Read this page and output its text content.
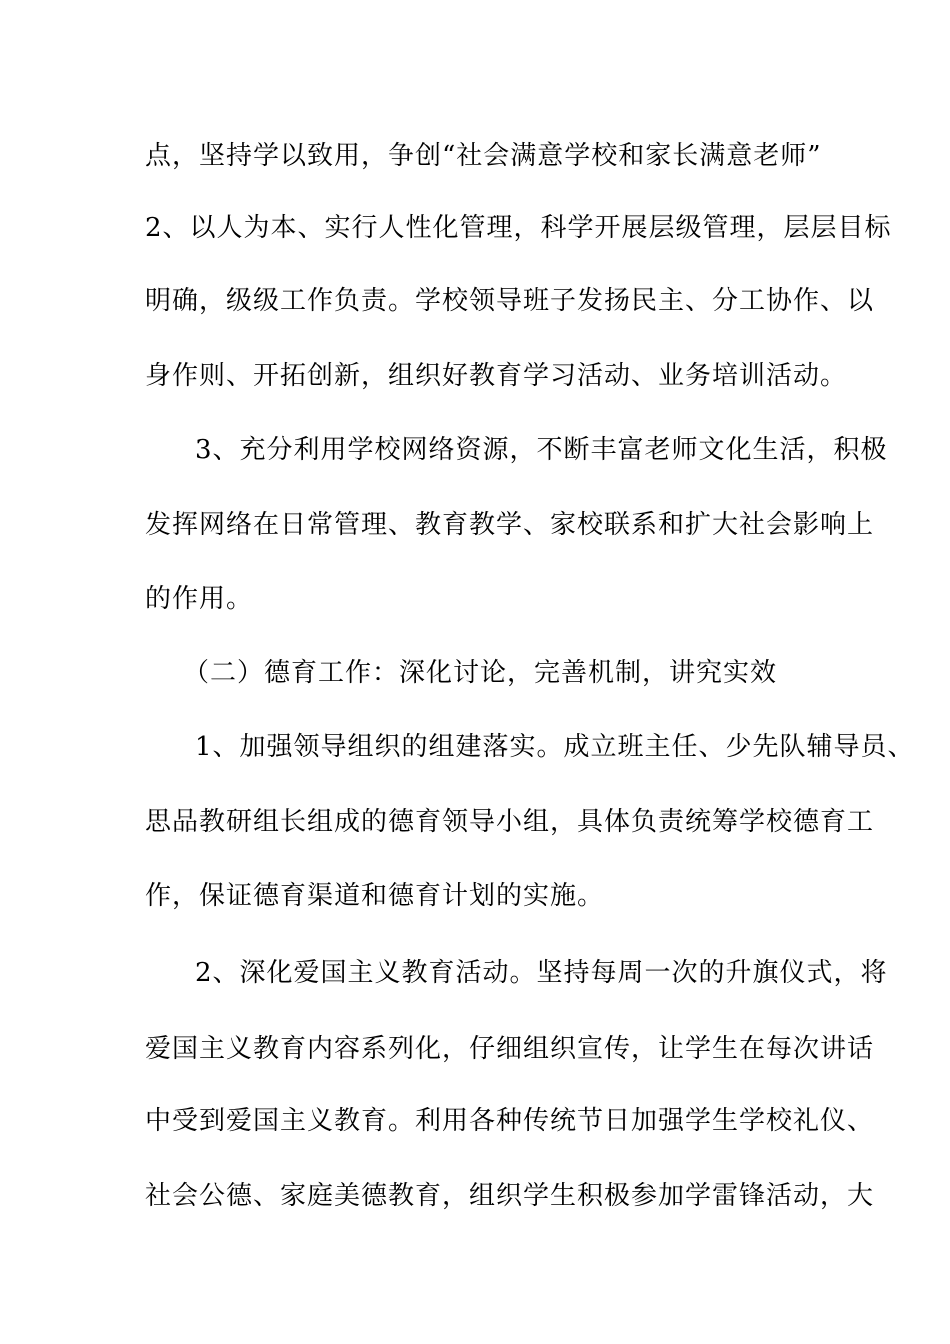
点，坚持学以致用，争创“社会满意学校和家长满意老师”

2、以人为本、实行人性化管理，科学开展层级管理，层层目标

明确，级级工作负责。学校领导班子发扬民主、分工协作、以

身作则、开拓创新，组织好教育学习活动、业务培训活动。

3、充分利用学校网络资源，不断丰富老师文化生活，积极

发挥网络在日常管理、教育教学、家校联系和扩大社会影响上

的作用。

（二）德育工作：深化讨论，完善机制，讲究实效

1、加强领导组织的组建落实。成立班主任、少先队辅导员、

思品教研组长组成的德育领导小组，具体负责统筹学校德育工

作，保证德育渠道和德育计划的实施。

2、深化爱国主义教育活动。坚持每周一次的升旗仪式，将

爱国主义教育内容系列化，仔细组织宣传，让学生在每次讲话

中受到爱国主义教育。利用各种传统节日加强学生学校礼仪、

社会公德、家庭美德教育，组织学生积极参加学雷锋活动，大
